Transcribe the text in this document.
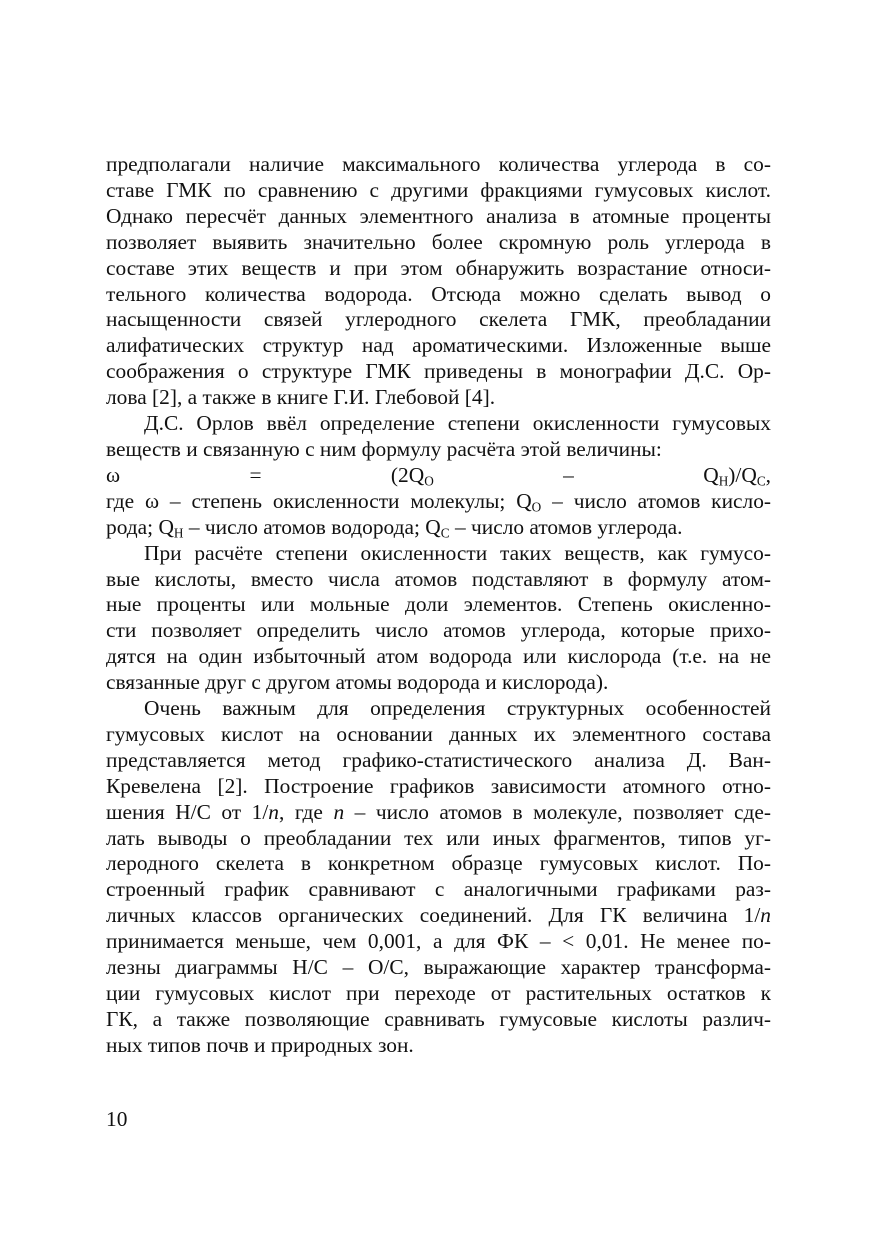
предполагали наличие максимального количества углерода в со-

ставе ГМК по сравнению с другими фракциями гумусовых кислот.

Однако пересчёт данных элементного анализа в атомные проценты

позволяет выявить значительно более скромную роль углерода в

составе этих веществ и при этом обнаружить возрастание относи-

тельного количества водорода. Отсюда можно сделать вывод о

насыщенности связей углеродного скелета ГМК, преобладании

алифатических структур над ароматическими. Изложенные выше

соображения о структуре ГМК приведены в монографии Д.С. Ор-

лова [2], а также в книге Г.И. Глебовой [4].

Д.С. Орлов ввёл определение степени окисленности гумусовых

веществ и связанную с ним формулу расчёта этой величины:

$\omega = (2Q_O - Q_H)/Q_C$,

где ω – степень окисленности молекулы; $Q_O$ – число атомов кисло-

рода; $Q_H$ – число атомов водорода; $Q_C$ – число атомов углерода.

При расчёте степени окисленности таких веществ, как гумусо-

вые кислоты, вместо числа атомов подставляют в формулу атом-

ные проценты или мольные доли элементов. Степень окисленно-

сти позволяет определить число атомов углерода, которые прихо-

дятся на один избыточный атом водорода или кислорода (т.е. на не

связанные друг с другом атомы водорода и кислорода).

Очень важным для определения структурных особенностей

гумусовых кислот на основании данных их элементного состава

представляется метод графико-статистического анализа Д. Ван-

Кревелена [2]. Построение графиков зависимости атомного отно-

шения Н/С от 1/n, где n – число атомов в молекуле, позволяет сде-

лать выводы о преобладании тех или иных фрагментов, типов уг-

леродного скелета в конкретном образце гумусовых кислот. По-

строенный график сравнивают с аналогичными графиками раз-

личных классов органических соединений. Для ГК величина 1/n

принимается меньше, чем 0,001, а для ФК – < 0,01. Не менее по-

лезны диаграммы Н/С – О/С, выражающие характер трансформа-

ции гумусовых кислот при переходе от растительных остатков к

ГК, а также позволяющие сравнивать гумусовые кислоты различ-

ных типов почв и природных зон.

10
